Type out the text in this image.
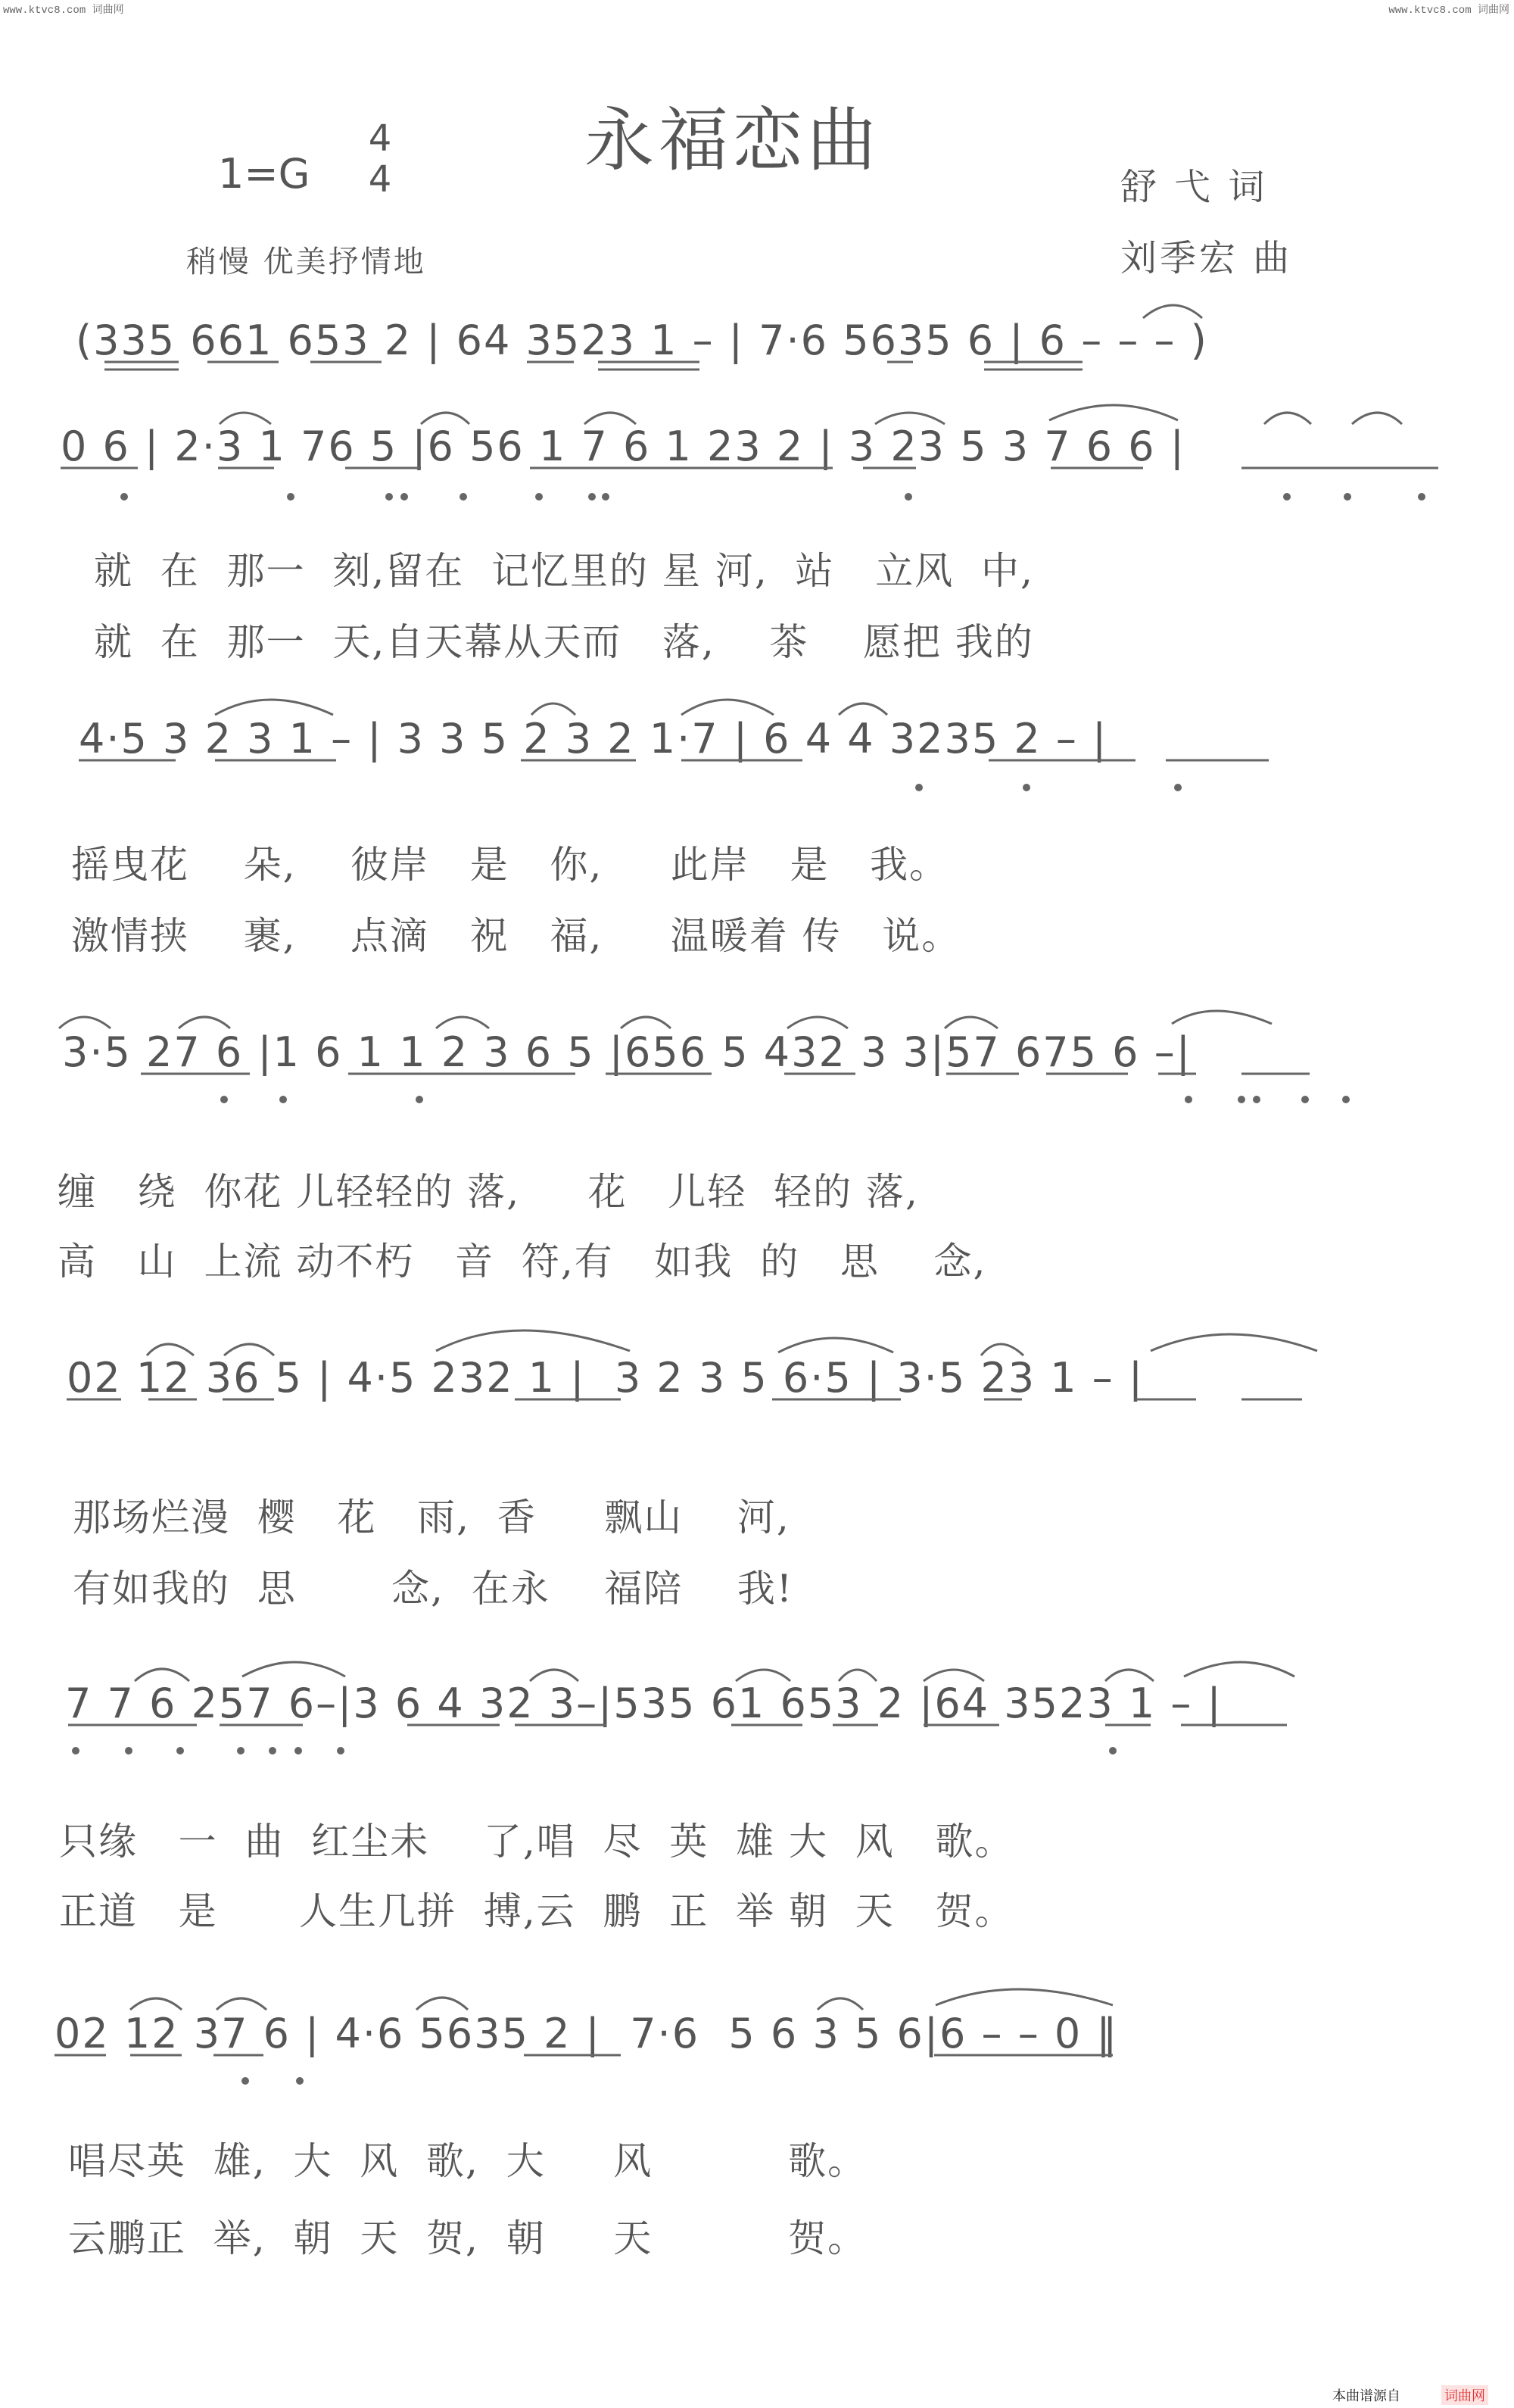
www.ktvc8.com 词曲网	www.ktvc8.com 词曲网
永福恋曲
1=G
4
4
稍慢 优美抒情地
舒 弋 词
刘季宏 曲
(335 661 653 2 | 64 3523 1 – | 7·6 5635 6 | 6 – – – )
0 6 | 2·3 1 76 5 |6 56 1 7 6 1 23 2 | 3 23 5 3 7 6 6 |
就  在  那一  刻,留在  记忆里的 星 河,  站   立风  中,
就  在  那一  天,自天幕从天而   落,    茶    愿把 我的
4·5 3 2 3 1 – | 3 3 5 2 3 2 1·7 | 6 4 4 3235 2 – |
摇曳花    朵,    彼岸   是   你,     此岸   是   我。
激情挟    裹,    点滴   祝   福,     温暖着 传   说。
3·5 27 6 |1 6 1 1 2 3 6 5 |656 5 432 3 3|57 675 6 –|
缠   绕  你花 儿轻轻的 落,     花   儿轻  轻的 落,
高   山  上流 动不朽   音  符,有   如我  的   思    念,
02 12 36 5 | 4·5 232 1 |  3 2 3 5 6·5 | 3·5 23 1 – |
那场烂漫  樱   花   雨,  香     飘山    河,
有如我的  思       念,  在永    福陪    我!
7 7 6 257 6–|3 6 4 32 3–|535 61 653 2 |64 3523 1 – |
只缘   一  曲  红尘未    了,唱  尽  英  雄 大  风   歌。
正道   是      人生几拼  搏,云  鹏  正  举 朝  天   贺。
02 12 37 6 | 4·6 5635 2 |  7·6  5 6 3 5 6|6 – – 0 ‖
唱尽英  雄,  大  风  歌,  大     风          歌。
云鹏正  举,  朝  天  贺,  朝     天          贺。
本曲谱源自	词曲网
